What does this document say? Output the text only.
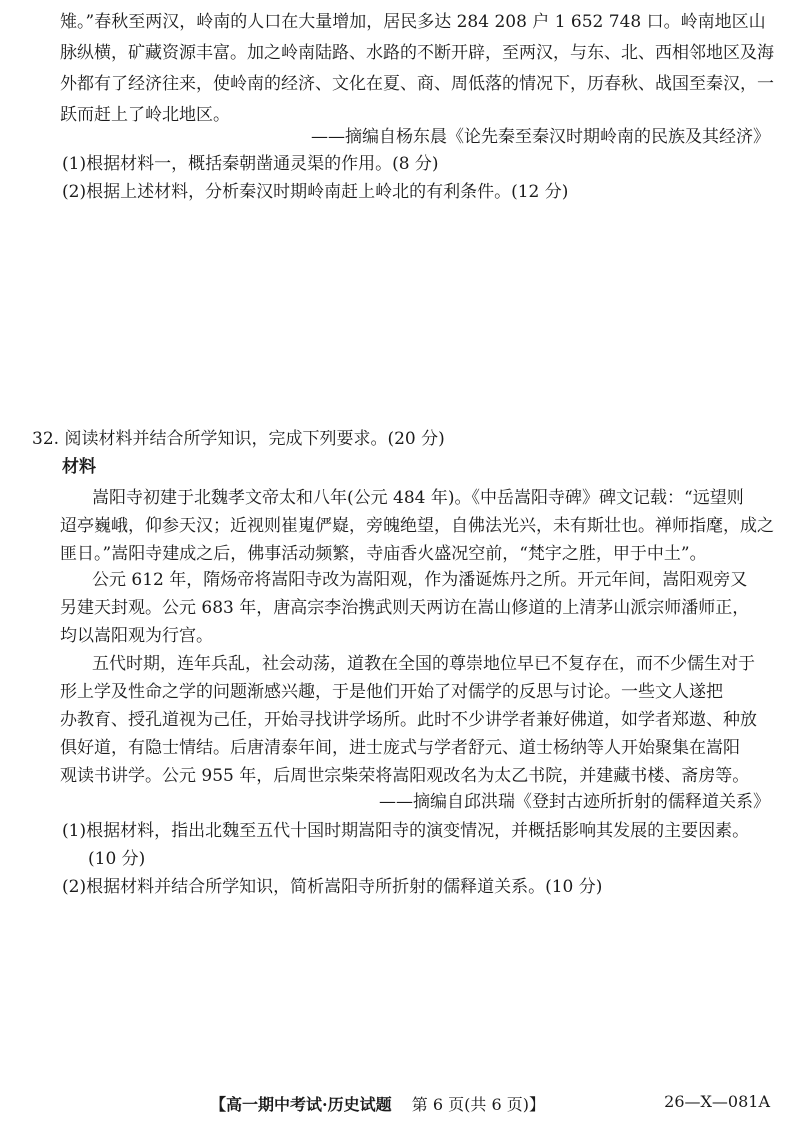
雉。”春秋至两汉，岭南的人口在大量增加，居民多达 284 208 户 1 652 748 口。岭南地区山
脉纵横，矿藏资源丰富。加之岭南陆路、水路的不断开辟，至两汉，与东、北、西相邻地区及海
外都有了经济往来，使岭南的经济、文化在夏、商、周低落的情况下，历春秋、战国至秦汉，一
跃而赶上了岭北地区。
——摘编自杨东晨《论先秦至秦汉时期岭南的民族及其经济》
(1)根据材料一，概括秦朝凿通灵渠的作用。(8 分)
(2)根据上述材料，分析秦汉时期岭南赶上岭北的有利条件。(12 分)
32. 阅读材料并结合所学知识，完成下列要求。(20 分)
材料
嵩阳寺初建于北魏孝文帝太和八年(公元 484 年)。《中岳嵩阳寺碑》碑文记载：“远望则
迢亭巍峨，仰参天汉；近视则崔嵬俨嶷，旁魄绝望，自佛法光兴，未有斯壮也。禅师指麾，成之
匪日。”嵩阳寺建成之后，佛事活动频繁，寺庙香火盛况空前，“梵宇之胜，甲于中土”。
公元 612 年，隋炀帝将嵩阳寺改为嵩阳观，作为潘诞炼丹之所。开元年间，嵩阳观旁又
另建天封观。公元 683 年，唐高宗李治携武则天两访在嵩山修道的上清茅山派宗师潘师正，
均以嵩阳观为行宫。
五代时期，连年兵乱，社会动荡，道教在全国的尊崇地位早已不复存在，而不少儒生对于
形上学及性命之学的问题渐感兴趣，于是他们开始了对儒学的反思与讨论。一些文人遂把
办教育、授孔道视为己任，开始寻找讲学场所。此时不少讲学者兼好佛道，如学者郑遨、种放
俱好道，有隐士情结。后唐清泰年间，进士庞式与学者舒元、道士杨纳等人开始聚集在嵩阳
观读书讲学。公元 955 年，后周世宗柴荣将嵩阳观改名为太乙书院，并建藏书楼、斋房等。
——摘编自邱洪瑞《登封古迹所折射的儒释道关系》
(1)根据材料，指出北魏至五代十国时期嵩阳寺的演变情况，并概括影响其发展的主要因素。
(10 分)
(2)根据材料并结合所学知识，简析嵩阳寺所折射的儒释道关系。(10 分)
【高一期中考试·历史试题 第 6 页(共 6 页)】	26—X—081A
